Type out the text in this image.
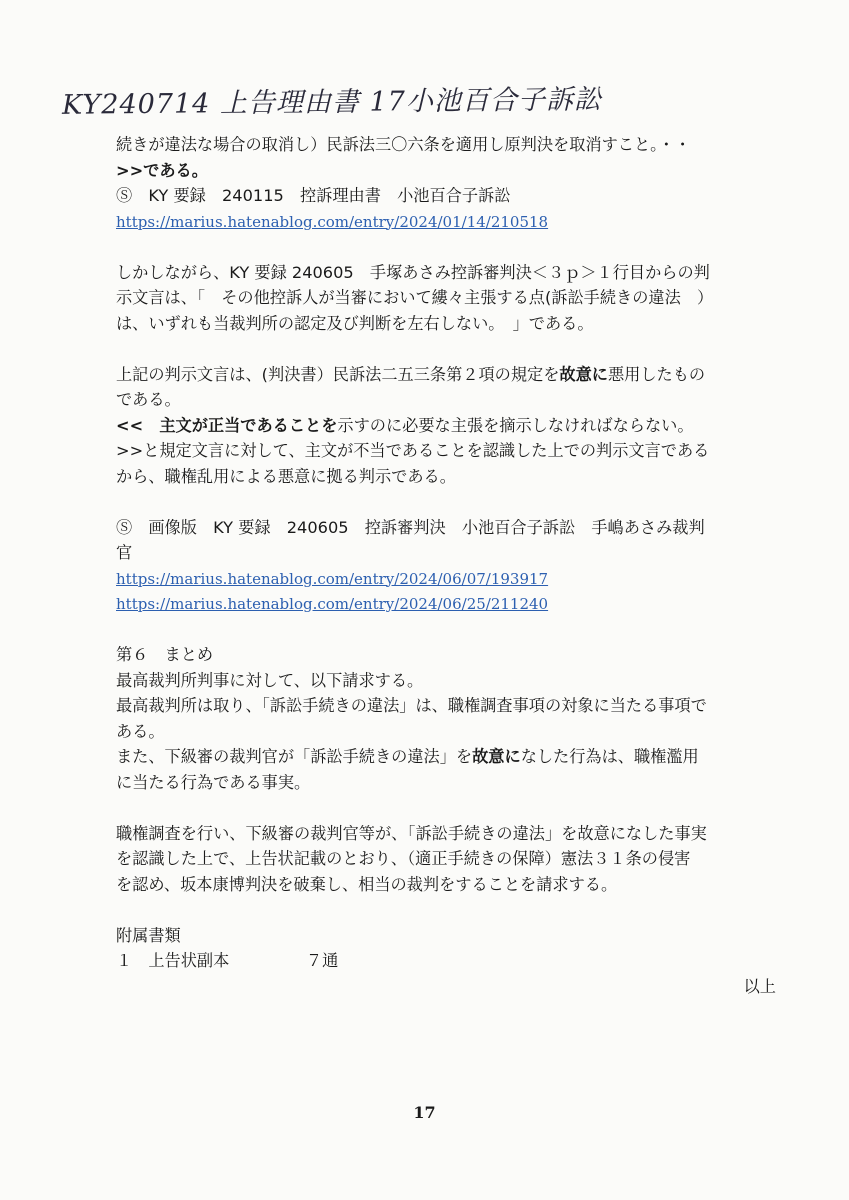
KY240714 上告理由書 17小池百合子訴訟
続きが違法な場合の取消し）民訴法三〇六条を適用し原判決を取消すこと。・・
>>である。
Ⓢ　KY 要録　240115　控訴理由書　小池百合子訴訟
https://marius.hatenablog.com/entry/2024/01/14/210518
しかしながら、KY 要録 240605　手塚あさみ控訴審判決＜３ｐ＞１行目からの判
示文言は、「　その他控訴人が当審において縷々主張する点(訴訟手続きの違法　）
は、いずれも当裁判所の認定及び判断を左右しない。　」である。
上記の判示文言は、(判決書）民訴法二五三条第２項の規定を故意に悪用したもの
である。
<<　主文が正当であることを示すのに必要な主張を摘示しなければならない。
>>と規定文言に対して、主文が不当であることを認識した上での判示文言である
から、職権乱用による悪意に拠る判示である。
Ⓢ　画像版　KY 要録　240605　控訴審判決　小池百合子訴訟　手嶋あさみ裁判
官
https://marius.hatenablog.com/entry/2024/06/07/193917
https://marius.hatenablog.com/entry/2024/06/25/211240
第６　まとめ
最高裁判所判事に対して、以下請求する。
最高裁判所は取り、「訴訟手続きの違法」は、職権調査事項の対象に当たる事項で
ある。
また、下級審の裁判官が「訴訟手続きの違法」を故意になした行為は、職権濫用
に当たる行為である事実。
職権調査を行い、下級審の裁判官等が、「訴訟手続きの違法」を故意になした事実
を認識した上で、上告状記載のとおり、（適正手続きの保障）憲法３１条の侵害
を認め、坂本康博判決を破棄し、相当の裁判をすることを請求する。
附属書類
１　上告状副本	７通
以上
17
